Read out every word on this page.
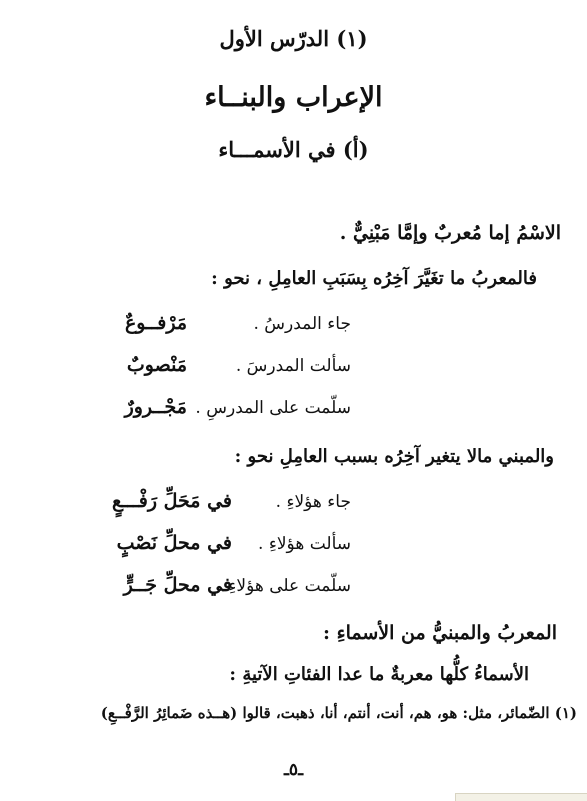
(١) الدرّس الأول
الإعراب والبنــاء
(أ) في الأسمـــاء
الاسْمُ إما مُعربٌ وإمَّا مَبْنِيٌّ .
فالمعربُ ما تغَيَّرَ آخِرُه بِسَبَبِ العامِلِ ، نحو :
جاء المدرسُ .
مَرْفــوعٌ
سألت المدرسَ .
مَنْصوبٌ
سلّمت على المدرسِ .
مَجْــرورٌ
والمبني مالا يتغير آخِرُه بسبب العامِلِ نحو :
جاء هؤلاءِ .
في مَحَلِّ رَفْـــعٍ
سألت هؤلاءِ .
في محلِّ نَصْبٍ
سلّمت على هؤلاءِ .
في محلِّ جَــرٍّ
المعربُ والمبنيُّ من الأسماءِ :
الأسماءُ كلُّها معربةٌ ما عدا الفئاتِ الآتيةِ :
(١) الضّمائر، مثل: هو، هم، أنت، أنتم، أنا، ذهبت، قالوا (هــذه ضَمائِرُ الرَّفْــعِ)
ـ٥ـ
